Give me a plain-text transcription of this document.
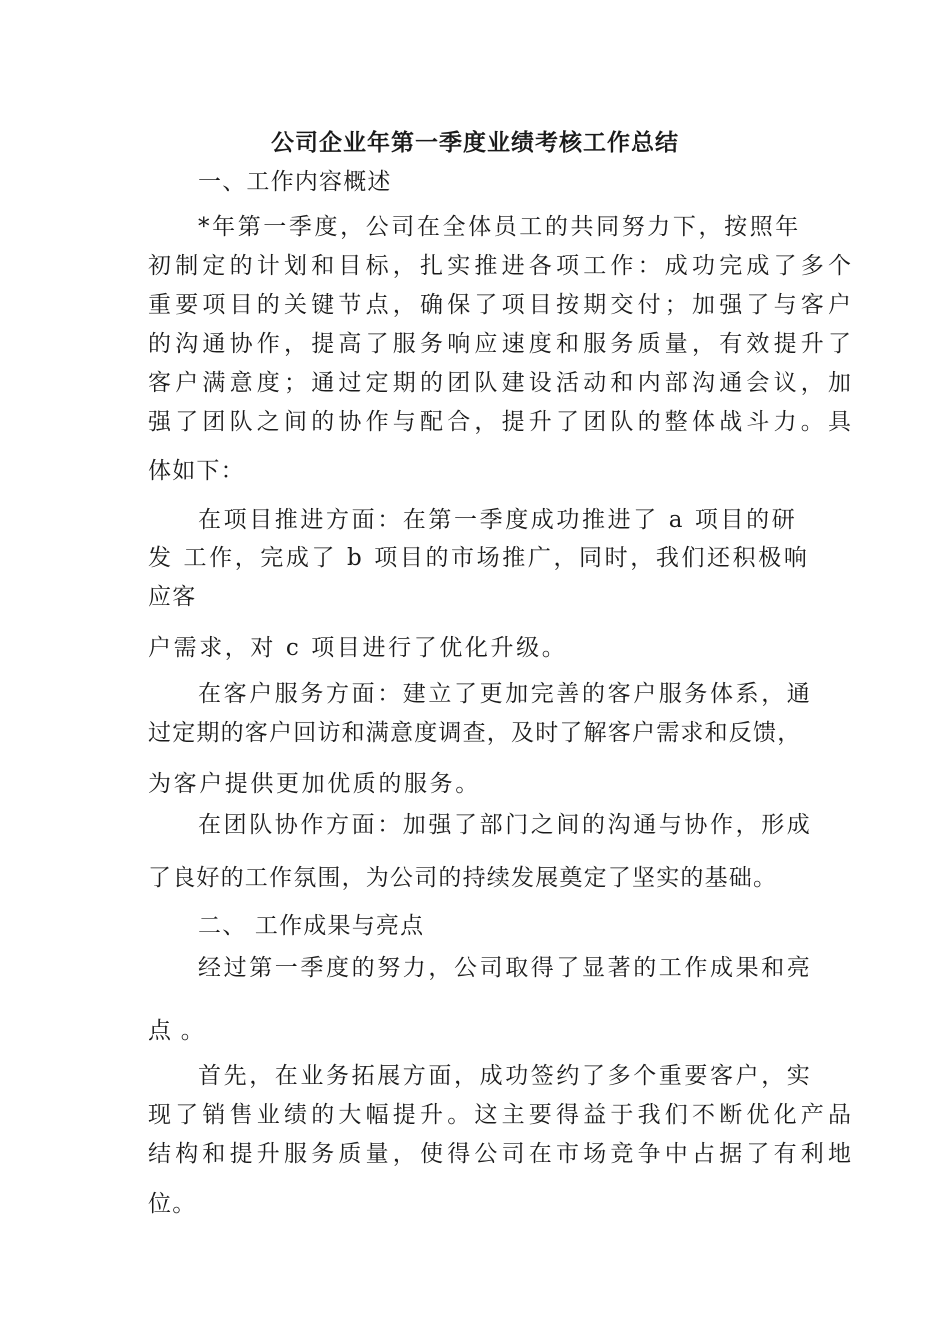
公司企业年第一季度业绩考核工作总结
一、工作内容概述
*年第一季度，公司在全体员工的共同努力下，按照年
初制定的计划和目标，扎实推进各项工作：成功完成了多个
重要项目的关键节点，确保了项目按期交付；加强了与客户
的沟通协作，提高了服务响应速度和服务质量，有效提升了
客户满意度；通过定期的团队建设活动和内部沟通会议，加
强了团队之间的协作与配合，提升了团队的整体战斗力。具
体如下：
在项目推进方面：在第一季度成功推进了 a 项目的研
发 工作，完成了 b 项目的市场推广，同时，我们还积极响
应客
户需求，对 c 项目进行了优化升级。
在客户服务方面：建立了更加完善的客户服务体系，通
过定期的客户回访和满意度调查，及时了解客户需求和反馈，
为客户提供更加优质的服务。
在团队协作方面：加强了部门之间的沟通与协作，形成
了良好的工作氛围，为公司的持续发展奠定了坚实的基础。
二、 工作成果与亮点
经过第一季度的努力，公司取得了显著的工作成果和亮
点 。
首先，在业务拓展方面，成功签约了多个重要客户，实
现了销售业绩的大幅提升。这主要得益于我们不断优化产品
结构和提升服务质量，使得公司在市场竞争中占据了有利地
位。
